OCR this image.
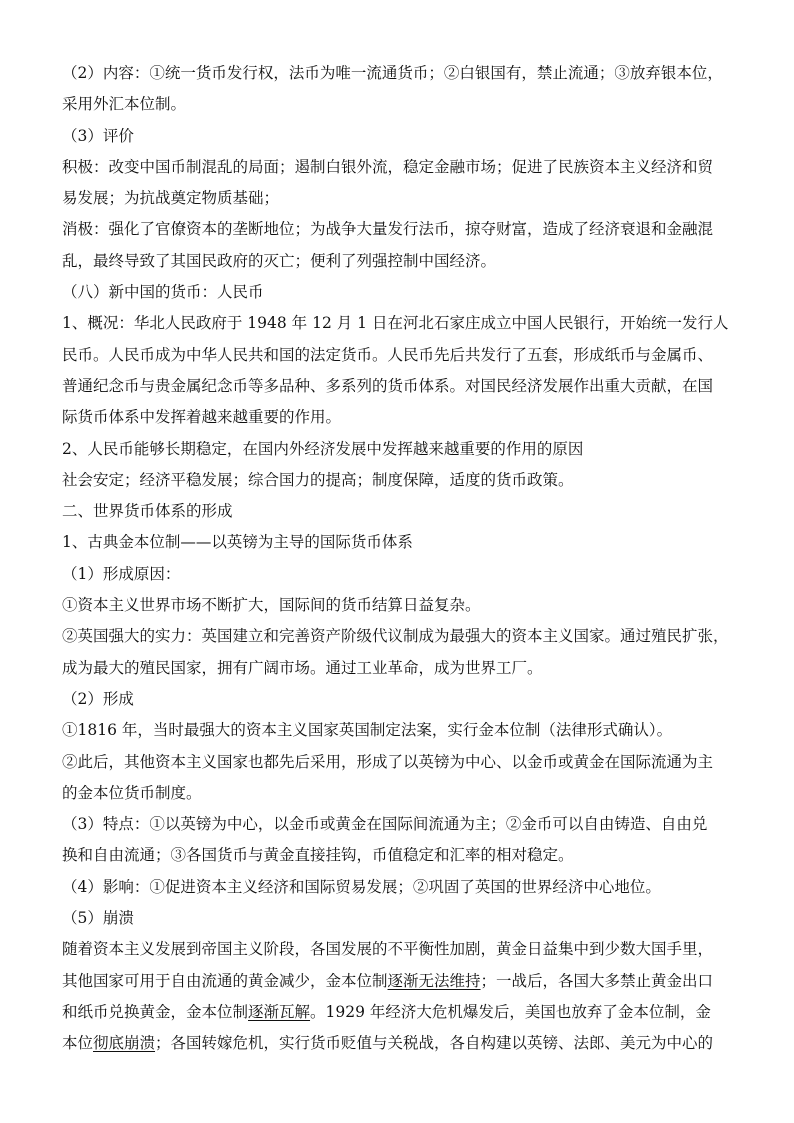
（2）内容：①统一货币发行权，法币为唯一流通货币；②白银国有，禁止流通；③放弃银本位，
采用外汇本位制。
（3）评价
积极：改变中国币制混乱的局面；遏制白银外流，稳定金融市场；促进了民族资本主义经济和贸
易发展；为抗战奠定物质基础；
消极：强化了官僚资本的垄断地位；为战争大量发行法币，掠夺财富，造成了经济衰退和金融混
乱，最终导致了其国民政府的灭亡；便利了列强控制中国经济。
（八）新中国的货币：人民币
1、概况：华北人民政府于 1948 年 12 月 1 日在河北石家庄成立中国人民银行，开始统一发行人
民币。人民币成为中华人民共和国的法定货币。人民币先后共发行了五套，形成纸币与金属币、
普通纪念币与贵金属纪念币等多品种、多系列的货币体系。对国民经济发展作出重大贡献，在国
际货币体系中发挥着越来越重要的作用。
2、人民币能够长期稳定，在国内外经济发展中发挥越来越重要的作用的原因
社会安定；经济平稳发展；综合国力的提高；制度保障，适度的货币政策。
二、世界货币体系的形成
1、古典金本位制——以英镑为主导的国际货币体系
（1）形成原因：
①资本主义世界市场不断扩大，国际间的货币结算日益复杂。
②英国强大的实力：英国建立和完善资产阶级代议制成为最强大的资本主义国家。通过殖民扩张，
成为最大的殖民国家，拥有广阔市场。通过工业革命，成为世界工厂。
（2）形成
①1816 年，当时最强大的资本主义国家英国制定法案，实行金本位制（法律形式确认）。
②此后，其他资本主义国家也都先后采用，形成了以英镑为中心、以金币或黄金在国际流通为主
的金本位货币制度。
（3）特点：①以英镑为中心，以金币或黄金在国际间流通为主；②金币可以自由铸造、自由兑
换和自由流通；③各国货币与黄金直接挂钩，币值稳定和汇率的相对稳定。
（4）影响：①促进资本主义经济和国际贸易发展；②巩固了英国的世界经济中心地位。
（5）崩溃
随着资本主义发展到帝国主义阶段，各国发展的不平衡性加剧，黄金日益集中到少数大国手里，
其他国家可用于自由流通的黄金减少，金本位制逐渐无法维持；一战后，各国大多禁止黄金出口
和纸币兑换黄金，金本位制逐渐瓦解。1929 年经济大危机爆发后，美国也放弃了金本位制，金
本位彻底崩溃；各国转嫁危机，实行货币贬值与关税战，各自构建以英镑、法郎、美元为中心的
